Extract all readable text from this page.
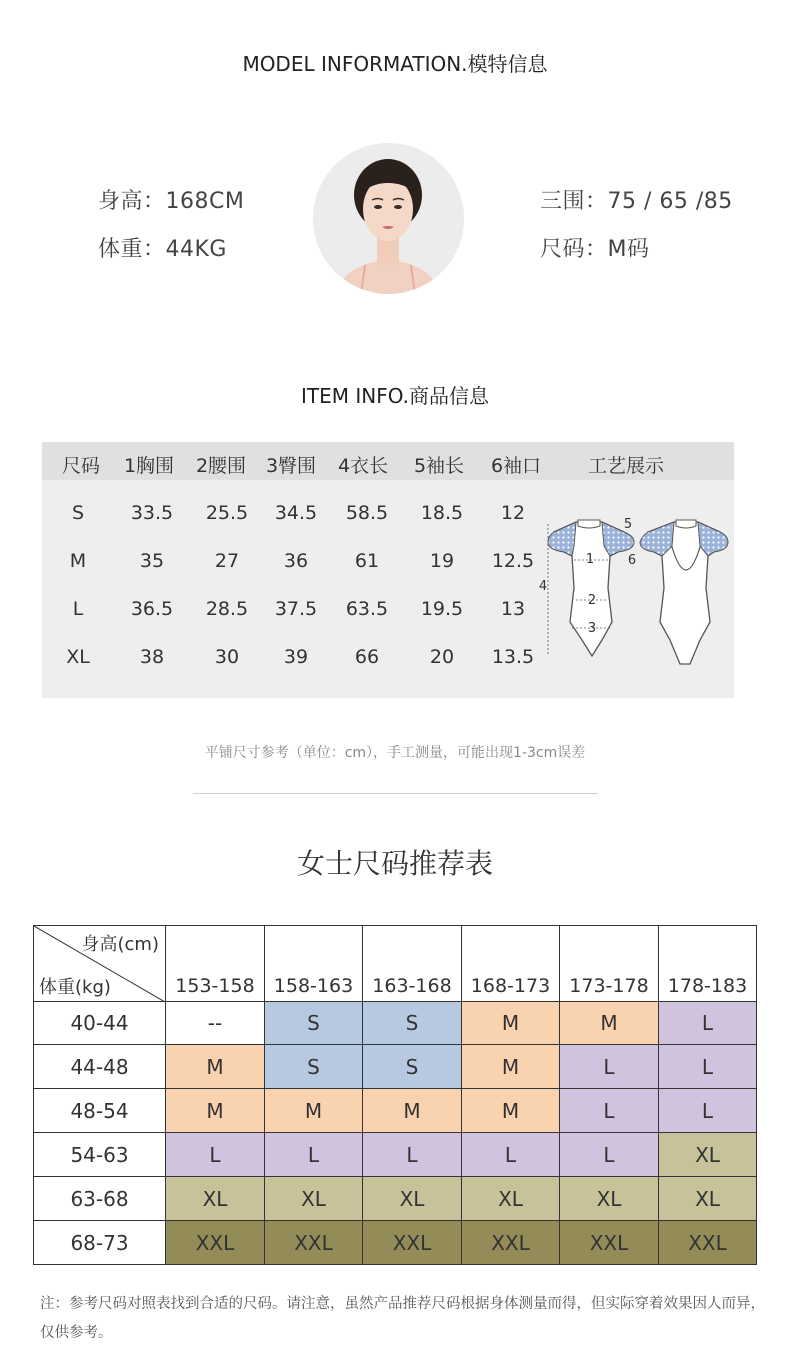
MODEL INFORMATION.模特信息
身高：168CM
体重：44KG
三围：75 / 65 /85
尺码：M码
ITEM INFO.商品信息
尺码	1胸围	2腰围	3臀围	4衣长	5袖长	6袖口	工艺展示
S	33.5	25.5	34.5	58.5	18.5	12
M	35	27	36	61	19	12.5
L	36.5	28.5	37.5	63.5	19.5	13
XL	38	30	39	66	20	13.5
1
2
3
4
5
6
平铺尺寸参考（单位：cm），手工测量，可能出现1-3cm误差
女士尺码推荐表
身高(cm)
体重(kg)	153-158	158-163	163-168	168-173	173-178	178-183
40-44	--	S	S	M	M	L
44-48	M	S	S	M	L	L
48-54	M	M	M	M	L	L
54-63	L	L	L	L	L	XL
63-68	XL	XL	XL	XL	XL	XL
68-73	XXL	XXL	XXL	XXL	XXL	XXL
注：参考尺码对照表找到合适的尺码。请注意，虽然产品推荐尺码根据身体测量而得，但实际穿着效果因人而异，仅供参考。
